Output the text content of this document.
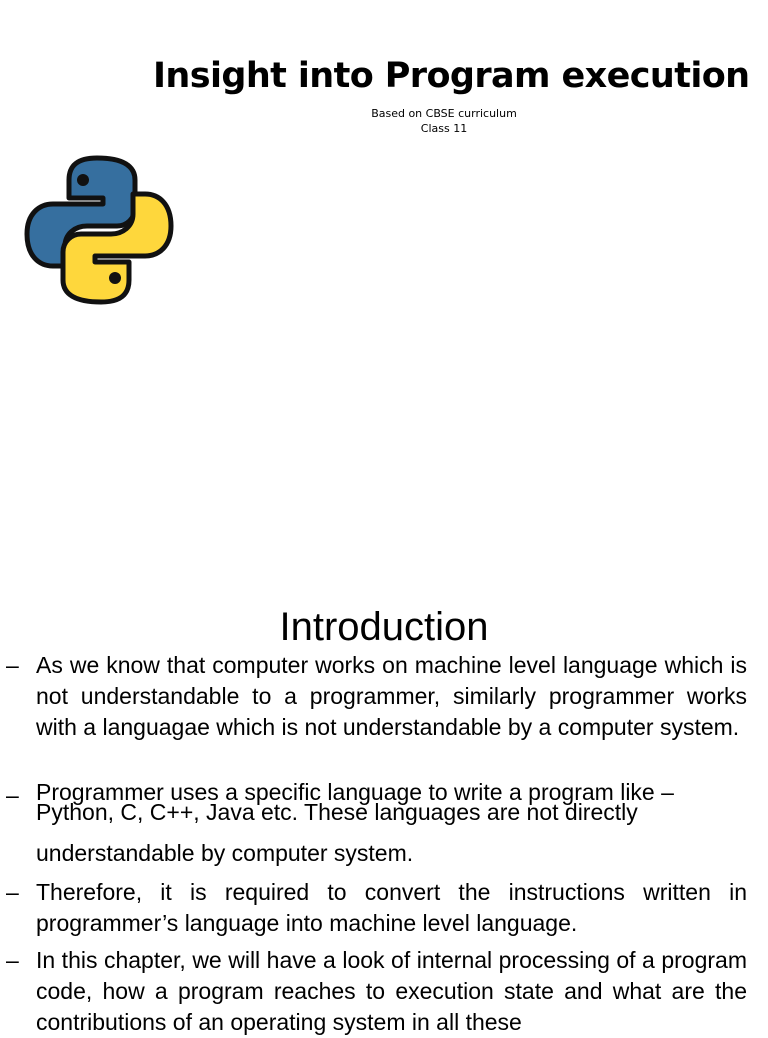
Insight into Program execution
Based on CBSE curriculum
Class 11
Introduction
– As we know that computer works on machine level language which is not understandable to a programmer, similarly programmer works with a languagae which is not understandable by a computer system.
– Programmer uses a specific language to write a program like –
Python, C, C++, Java etc. These languages are not directly
understandable by computer system.
– Therefore, it is required to convert the instructions written in programmer’s language into machine level language.
– In this chapter, we will have a look of internal processing of a program code, how a program reaches to execution state and what are the contributions of an operating system in all these
